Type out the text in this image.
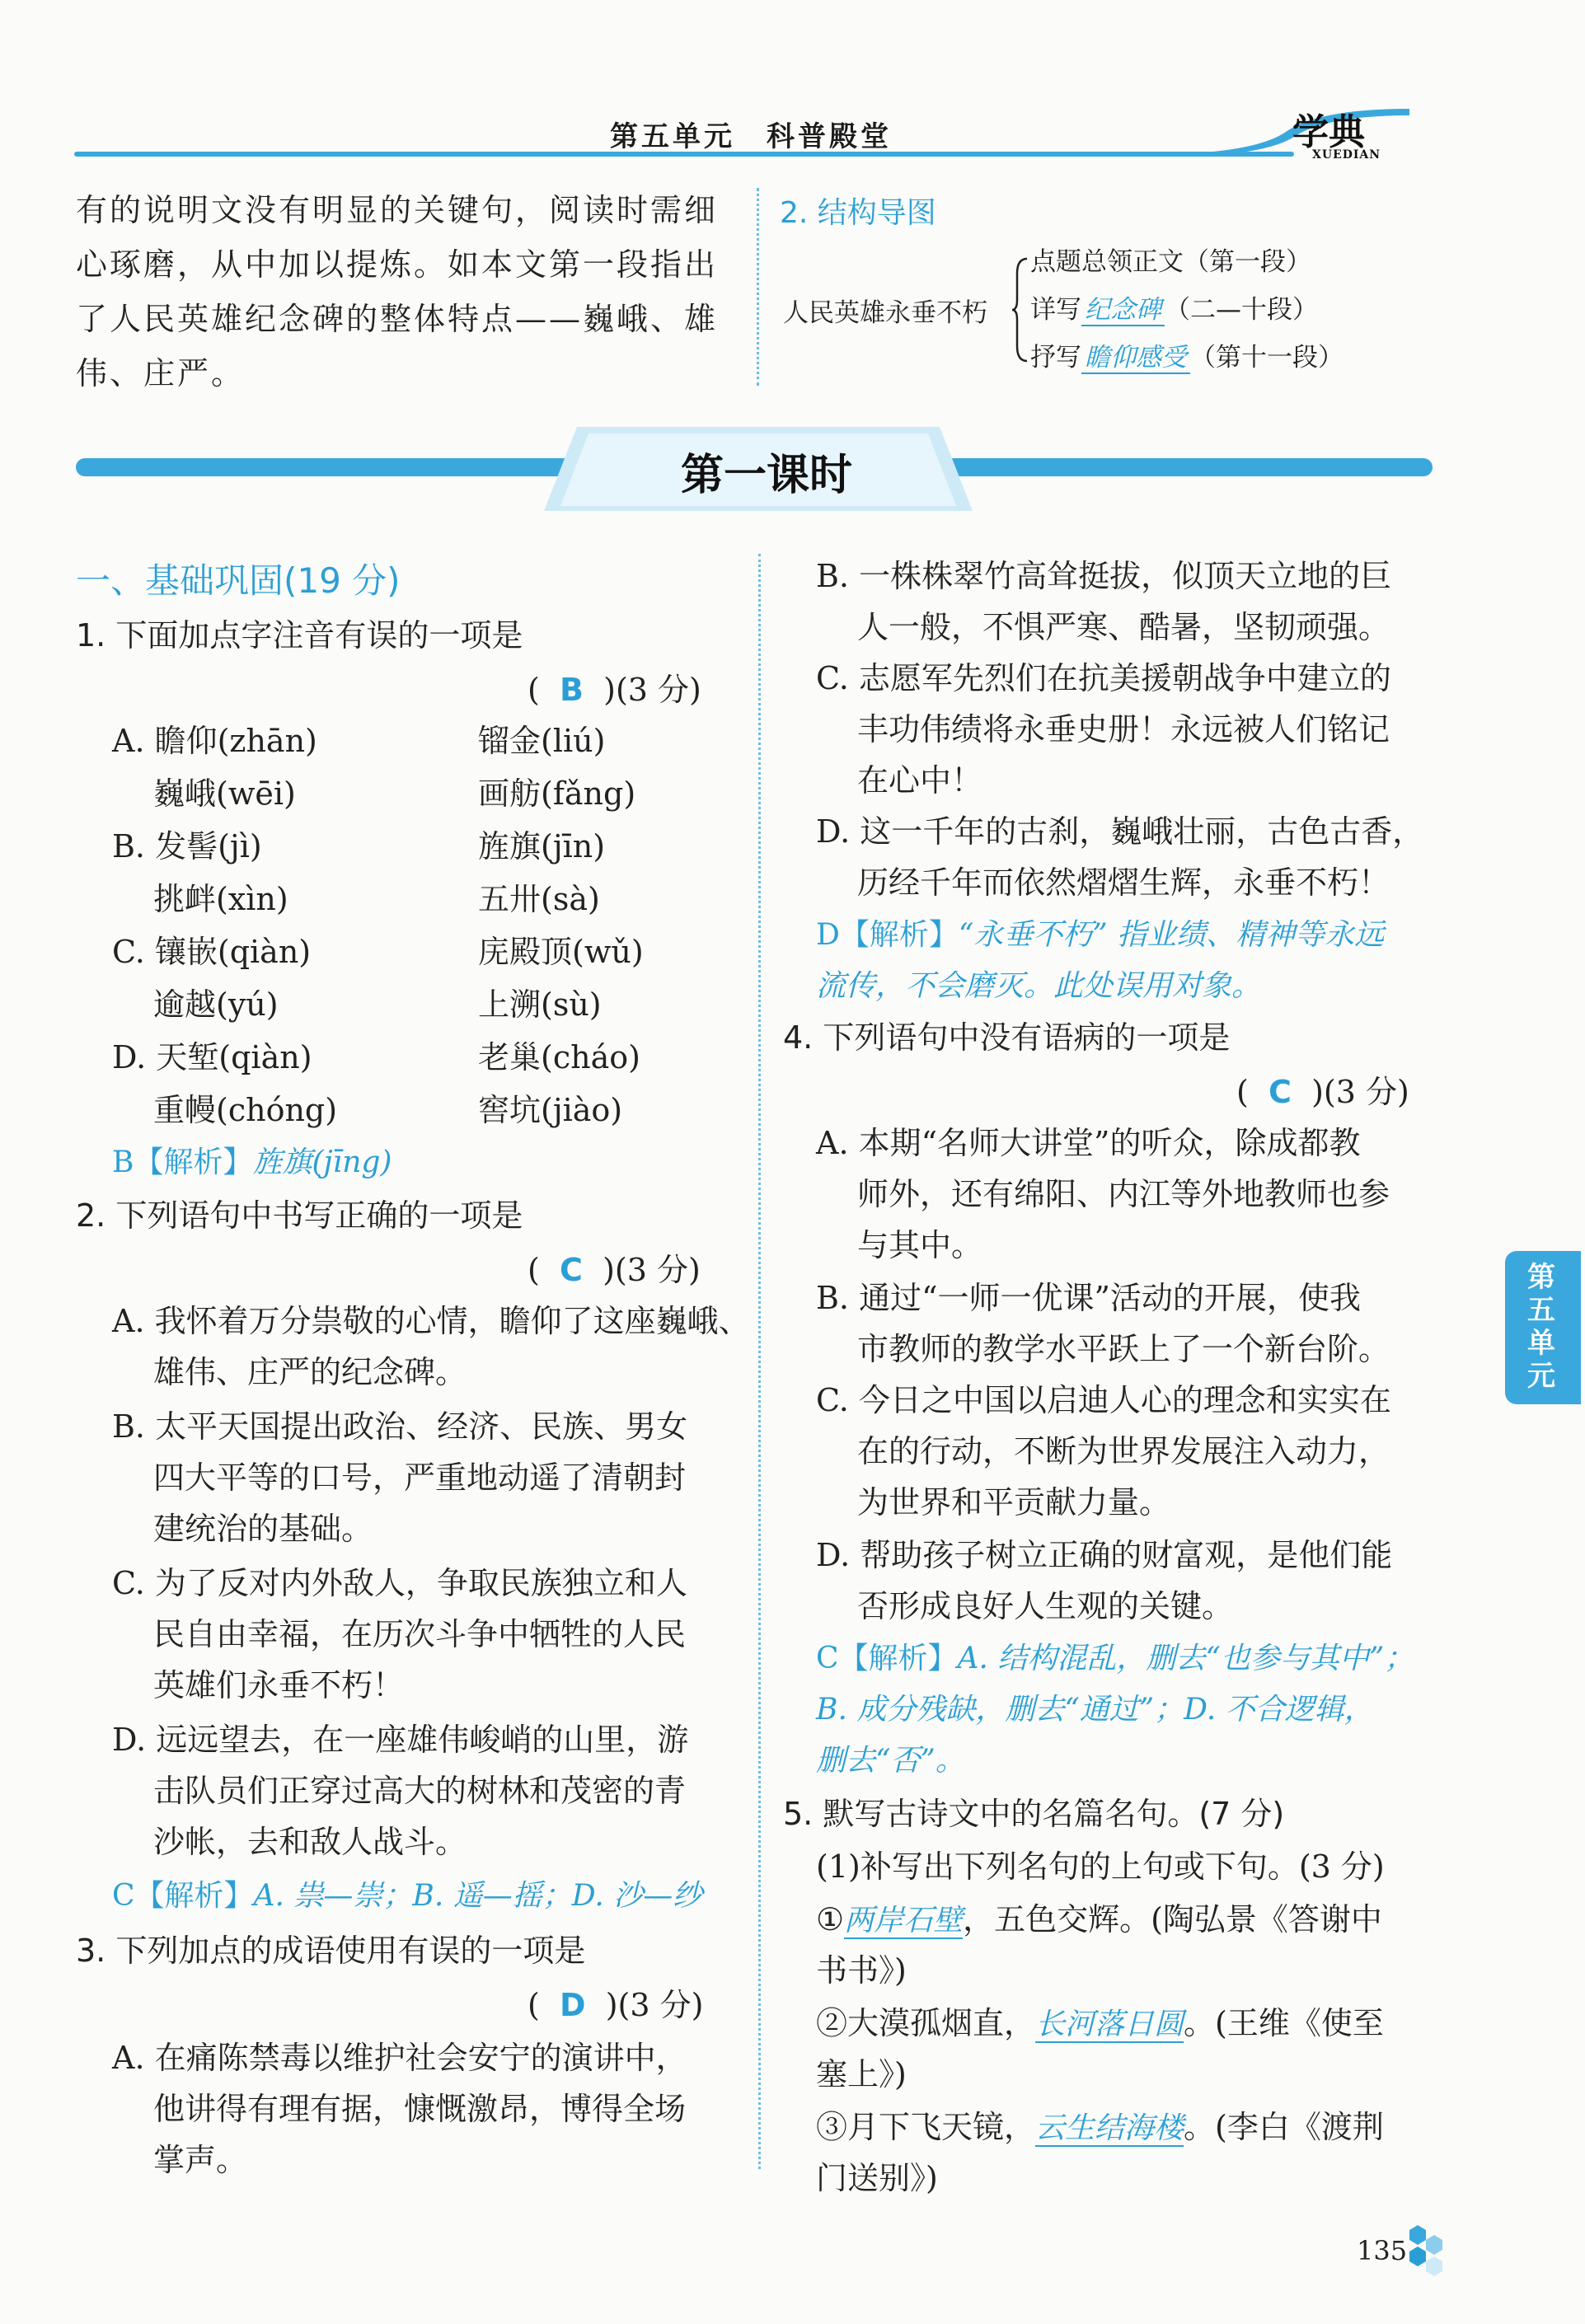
第五单元　科普殿堂	学典
XUEDIAN
有的说明文没有明显的关键句，阅读时需细
心琢磨，从中加以提炼。如本文第一段指出
了人民英雄纪念碑的整体特点——巍峨、雄
伟、庄严。
2. 结构导图
人民英雄永垂不朽
点题总领正文（第一段）
详写 纪念碑 （二—十段）
抒写 瞻仰感受 （第十一段）
第一课时
一、基础巩固(19 分)
1. 下面加点字注音有误的一项是
( B )(3 分)
A. 瞻仰(zhān)	镏金(liú)
巍峨(wēi)	画舫(fǎng)
B. 发髻(jì)	旌旗(jīn)
挑衅(xìn)	五卅(sà)
C. 镶嵌(qiàn)	庑殿顶(wǔ)
逾越(yú)	上溯(sù)
D. 天堑(qiàn)	老巢(cháo)
重幔(chóng)	窖坑(jiào)
B【解析】旌旗(jīng)
2. 下列语句中书写正确的一项是
( C )(3 分)
A. 我怀着万分祟敬的心情，瞻仰了这座巍峨、
雄伟、庄严的纪念碑。
B. 太平天国提出政治、经济、民族、男女
四大平等的口号，严重地动遥了清朝封
建统治的基础。
C. 为了反对内外敌人，争取民族独立和人
民自由幸福，在历次斗争中牺牲的人民
英雄们永垂不朽！
D. 远远望去，在一座雄伟峻峭的山里，游
击队员们正穿过高大的树林和茂密的青
沙帐，去和敌人战斗。
C【解析】A. 祟—崇；B. 遥—摇；D. 沙—纱
3. 下列加点的成语使用有误的一项是
( D )(3 分)
A. 在痛陈禁毒以维护社会安宁的演讲中，
他讲得有理有据，慷慨激昂，博得全场
掌声。
B. 一株株翠竹高耸挺拔，似顶天立地的巨
人一般，不惧严寒、酷暑，坚韧顽强。
C. 志愿军先烈们在抗美援朝战争中建立的
丰功伟绩将永垂史册！永远被人们铭记
在心中！
D. 这一千年的古刹，巍峨壮丽，古色古香，
历经千年而依然熠熠生辉，永垂不朽！
D【解析】“永垂不朽” 指业绩、精神等永远
流传，不会磨灭。此处误用对象。
4. 下列语句中没有语病的一项是
( C )(3 分)
A. 本期“名师大讲堂”的听众，除成都教
师外，还有绵阳、内江等外地教师也参
与其中。
B. 通过“一师一优课”活动的开展，使我
市教师的教学水平跃上了一个新台阶。
C. 今日之中国以启迪人心的理念和实实在
在的行动，不断为世界发展注入动力，
为世界和平贡献力量。
D. 帮助孩子树立正确的财富观，是他们能
否形成良好人生观的关键。
C【解析】A. 结构混乱，删去“也参与其中”；
B. 成分残缺，删去“通过”；D. 不合逻辑，
删去“否”。
5. 默写古诗文中的名篇名句。(7 分)
(1)补写出下列名句的上句或下句。(3 分)
①两岸石壁，五色交辉。(陶弘景《答谢中
书书》)
②大漠孤烟直，长河落日圆。(王维《使至
塞上》)
③月下飞天镜，云生结海楼。(李白《渡荆
门送别》)
第五单元
135
